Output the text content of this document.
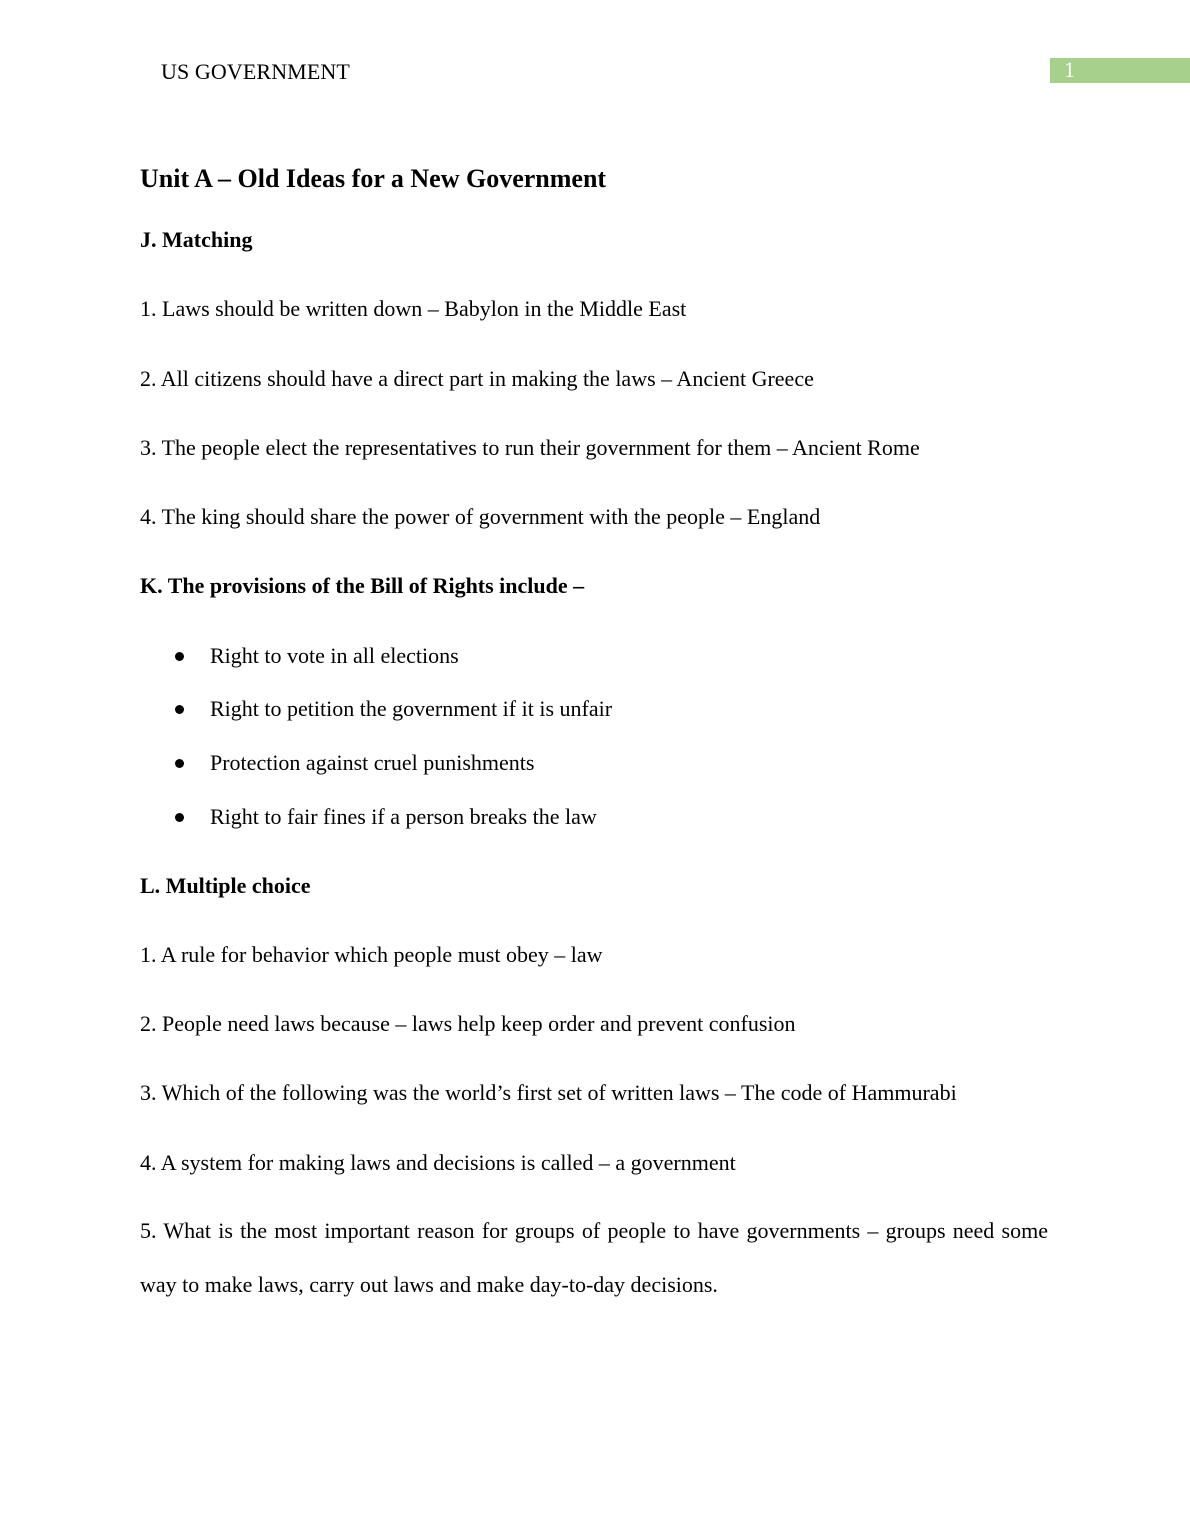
US GOVERNMENT	1
Unit A – Old Ideas for a New Government
J. Matching
1. Laws should be written down – Babylon in the Middle East
2. All citizens should have a direct part in making the laws – Ancient Greece
3. The people elect the representatives to run their government for them – Ancient Rome
4. The king should share the power of government with the people – England
K. The provisions of the Bill of Rights include –
Right to vote in all elections
Right to petition the government if it is unfair
Protection against cruel punishments
Right to fair fines if a person breaks the law
L. Multiple choice
1. A rule for behavior which people must obey – law
2. People need laws because – laws help keep order and prevent confusion
3. Which of the following was the world’s first set of written laws – The code of Hammurabi
4. A system for making laws and decisions is called – a government

5. What is the most important reason for groups of people to have governments – groups need some way to make laws, carry out laws and make day-to-day decisions.
